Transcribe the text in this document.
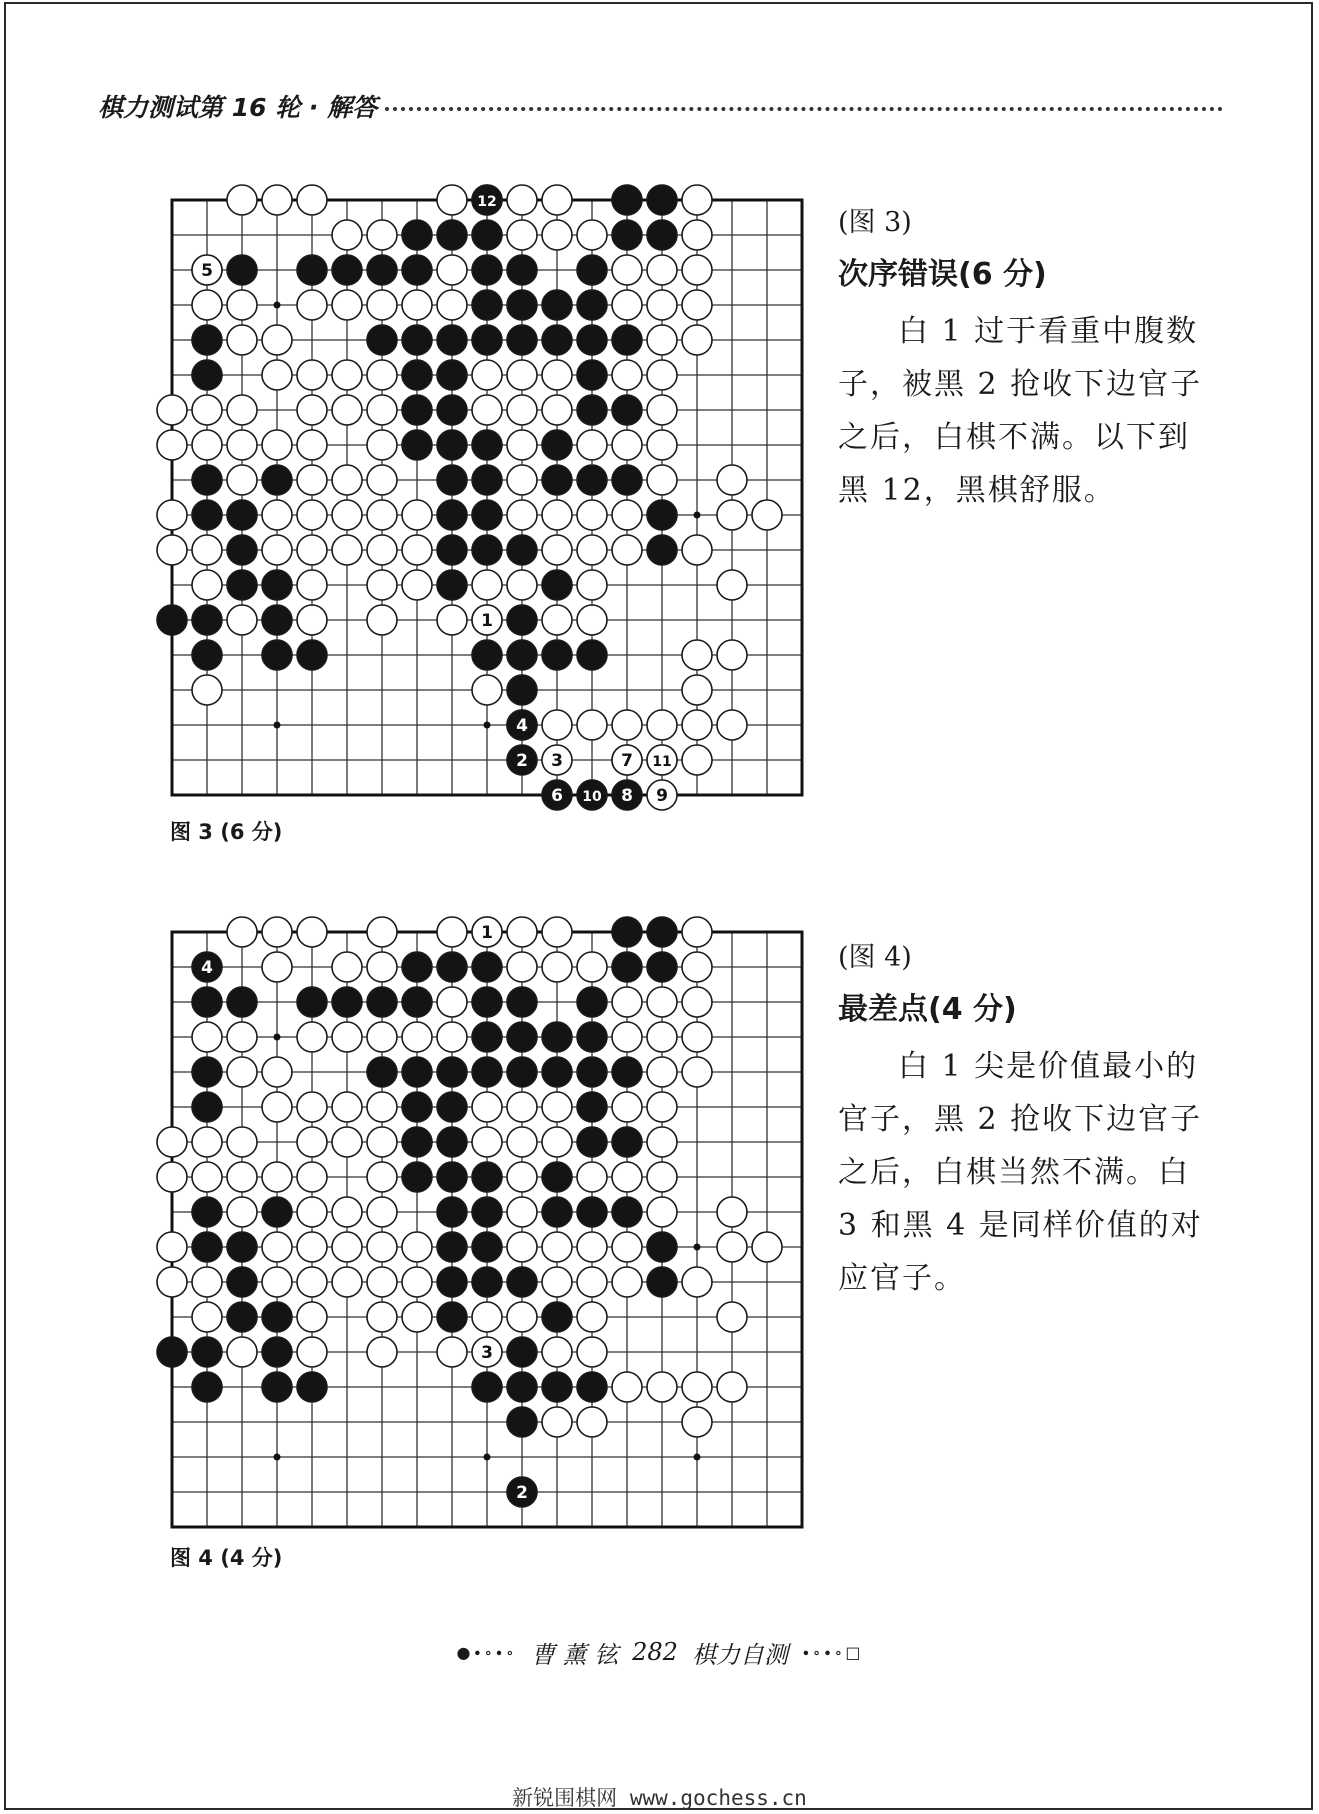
棋力测试第 16 轮 · 解答
12
5
1
4
2 3	7 11
6 10 8 9
图 3 (6 分)
(图 3)
次序错误(6 分)
白 1 过于看重中腹数子，被黑 2 抢收下边官子之后，白棋不满。以下到黑 12，黑棋舒服。
1
4
3
2
图 4 (4 分)
(图 4)
最差点(4 分)
白 1 尖是价值最小的官子，黑 2 抢收下边官子之后，白棋当然不满。白 3 和黑 4 是同样价值的对应官子。
●∙∘∙∘ 曹 薰 铉 282 棋力自测 ∙∘∙∘□
新锐围棋网 www.gochess.cn
